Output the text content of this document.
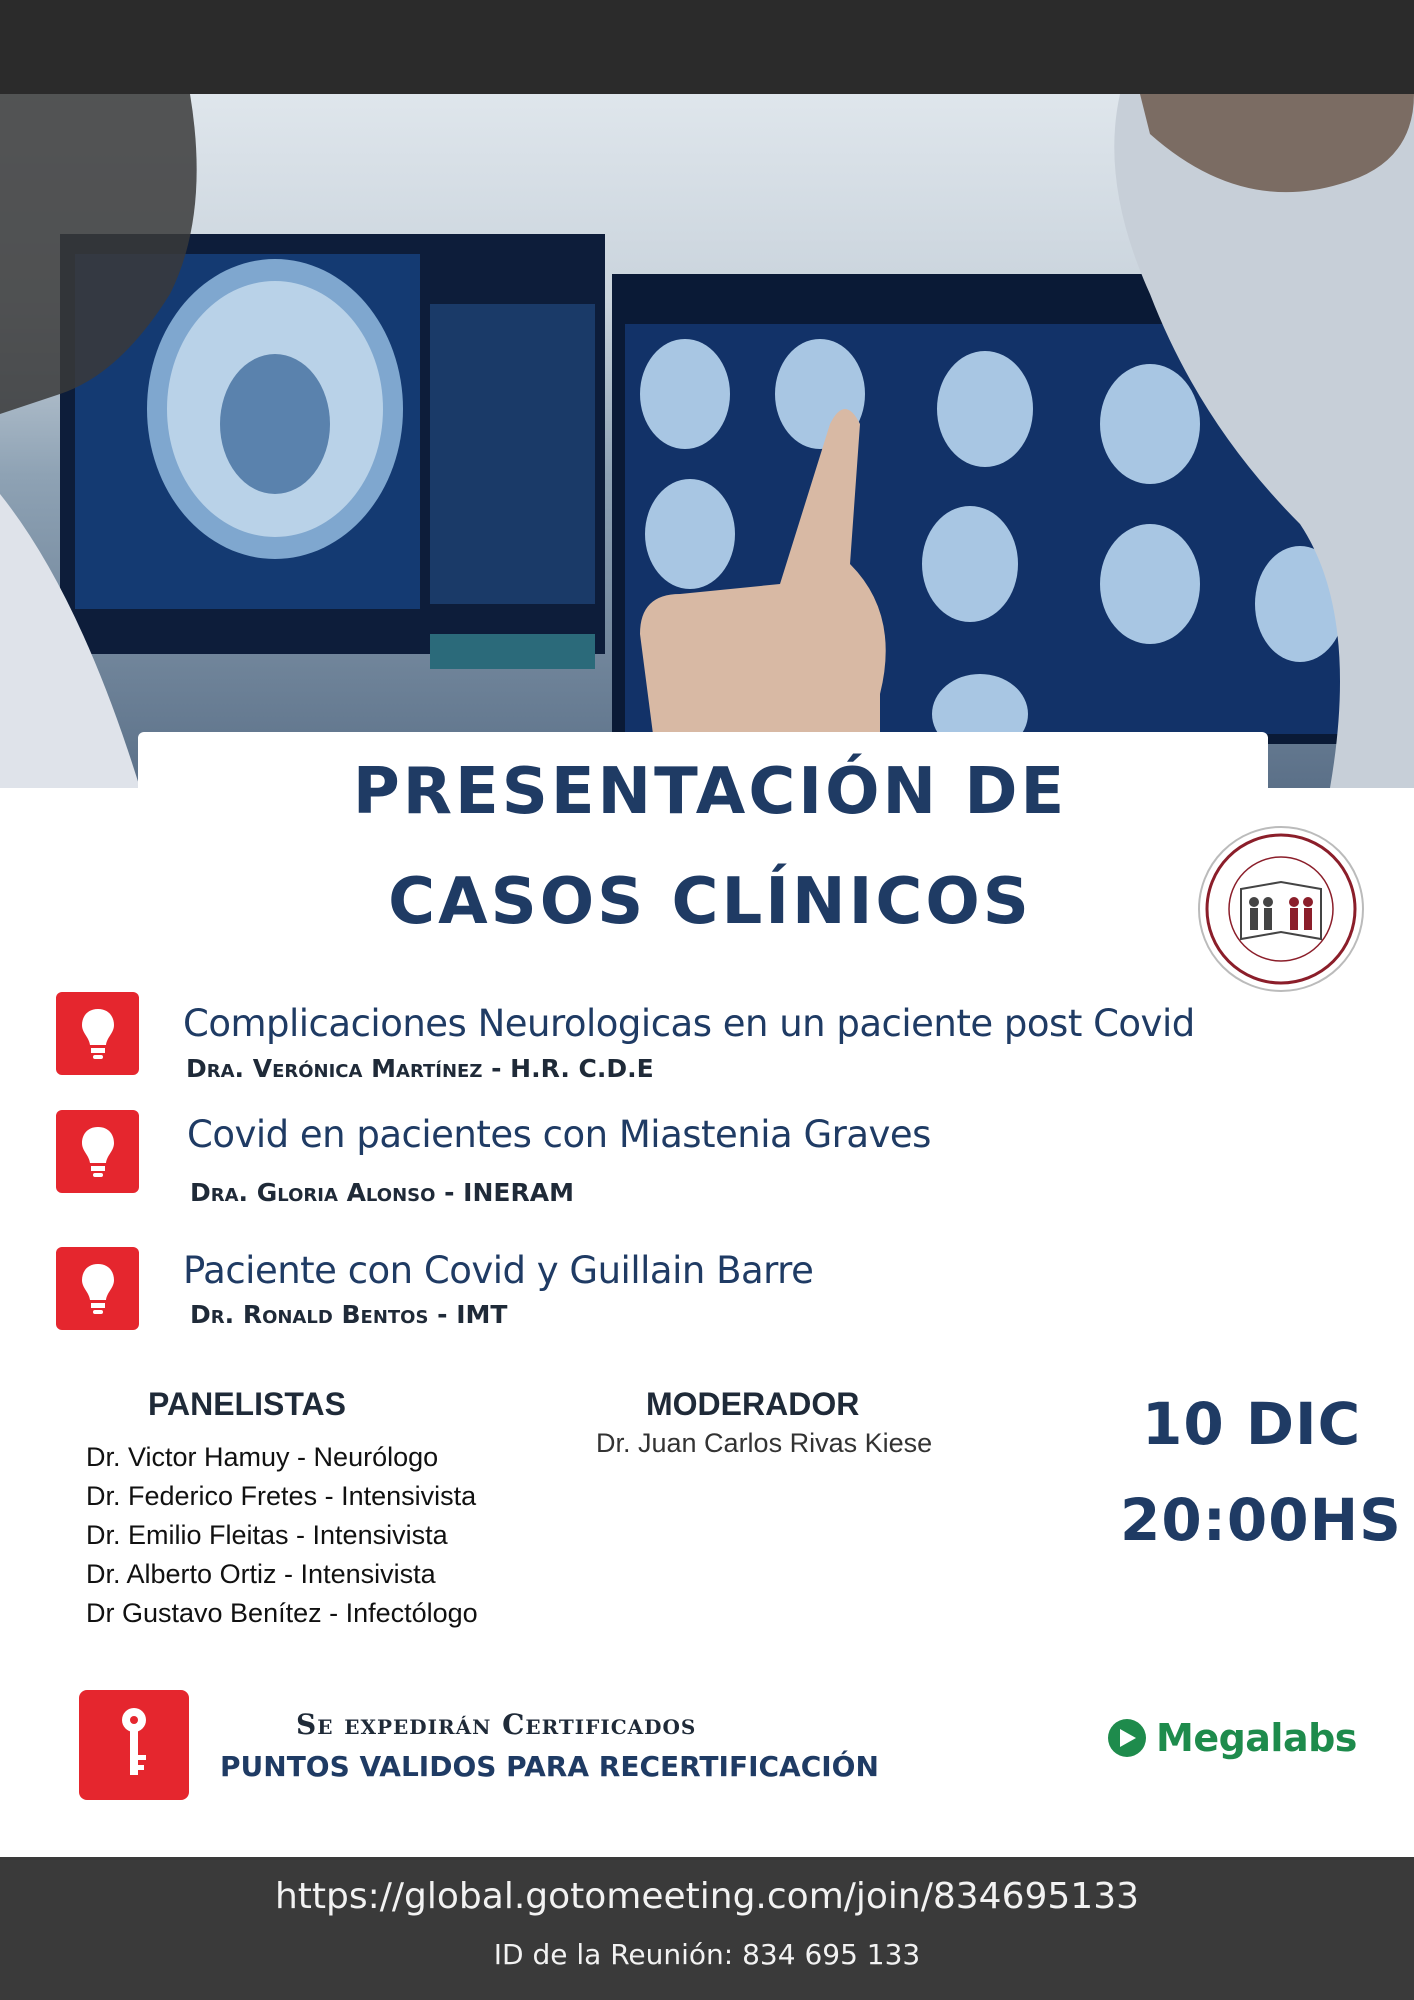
PRESENTACIÓN DE
CASOS CLÍNICOS
Complicaciones Neurologicas en un paciente post Covid
Dra. Verónica Martínez - H.R. C.D.E
Covid en pacientes con Miastenia Graves
Dra. Gloria Alonso - INERAM
Paciente con Covid y Guillain Barre
Dr. Ronald Bentos - IMT
PANELISTAS
Dr. Victor Hamuy - Neurólogo
Dr. Federico Fretes - Intensivista
Dr. Emilio Fleitas - Intensivista
Dr. Alberto Ortiz - Intensivista
Dr Gustavo Benítez - Infectólogo
MODERADOR
Dr. Juan Carlos Rivas Kiese	10 DIC
20:00HS
Se expedirán Certificados
PUNTOS VALIDOS PARA RECERTIFICACIÓN
Megalabs
https://global.gotomeeting.com/join/834695133
ID de la Reunión: 834 695 133
